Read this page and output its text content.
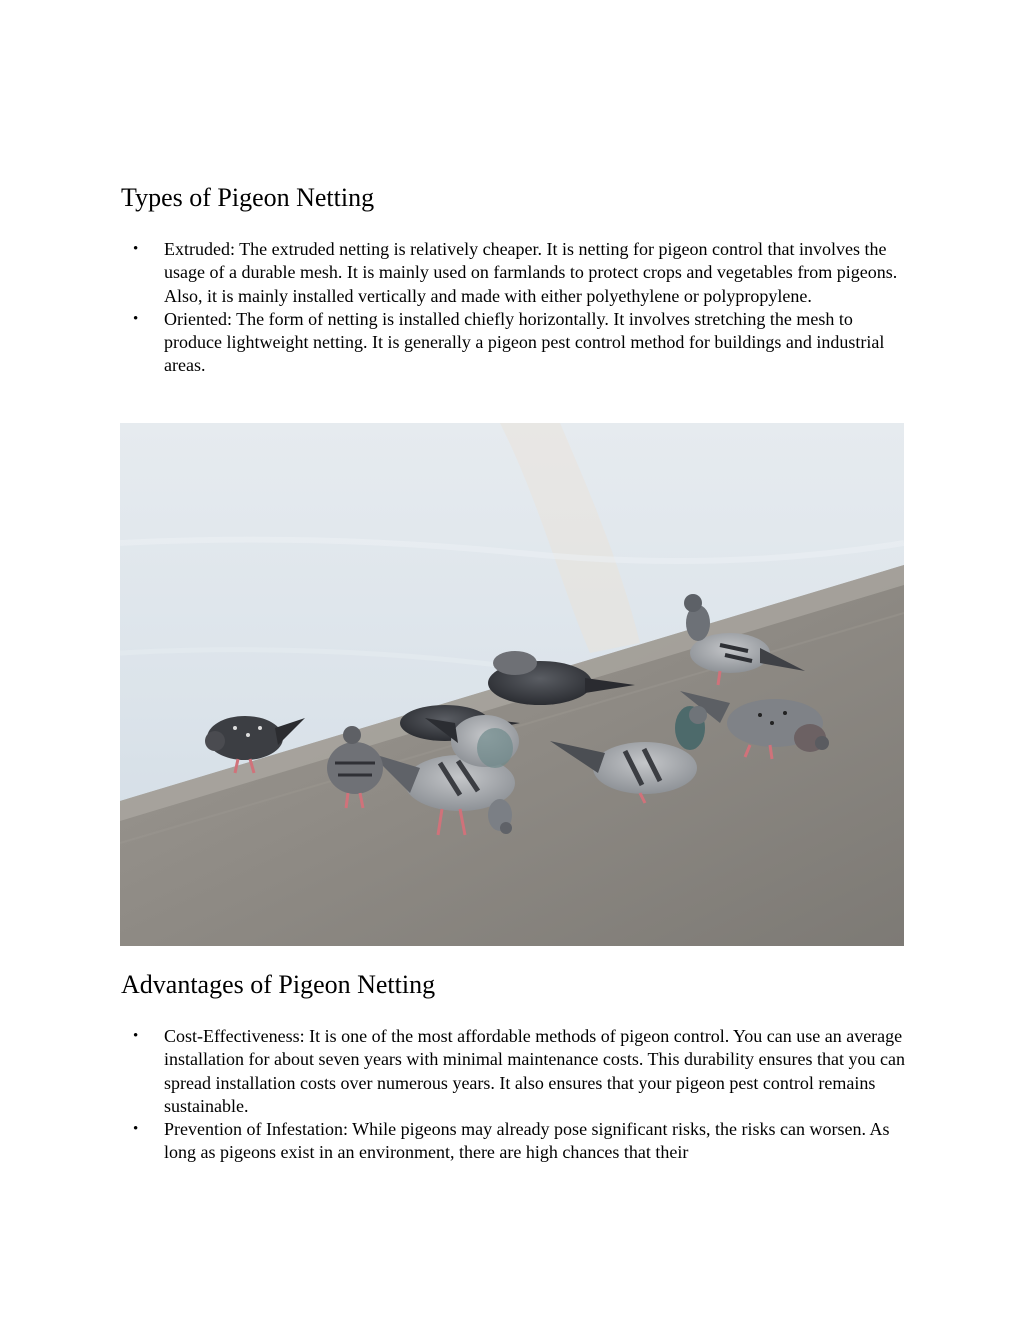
Types of Pigeon Netting
• Extruded: The extruded netting is relatively cheaper. It is netting for pigeon control that involves the usage of a durable mesh. It is mainly used on farmlands to protect crops and vegetables from pigeons. Also, it is mainly installed vertically and made with either polyethylene or polypropylene.
• Oriented: The form of netting is installed chiefly horizontally. It involves stretching the mesh to produce lightweight netting. It is generally a pigeon pest control method for buildings and industrial areas.
Advantages of Pigeon Netting
• Cost-Effectiveness: It is one of the most affordable methods of pigeon control. You can use an average installation for about seven years with minimal maintenance costs. This durability ensures that you can spread installation costs over numerous years. It also ensures that your pigeon pest control remains sustainable.
• Prevention of Infestation: While pigeons may already pose significant risks, the risks can worsen. As long as pigeons exist in an environment, there are high chances that their
